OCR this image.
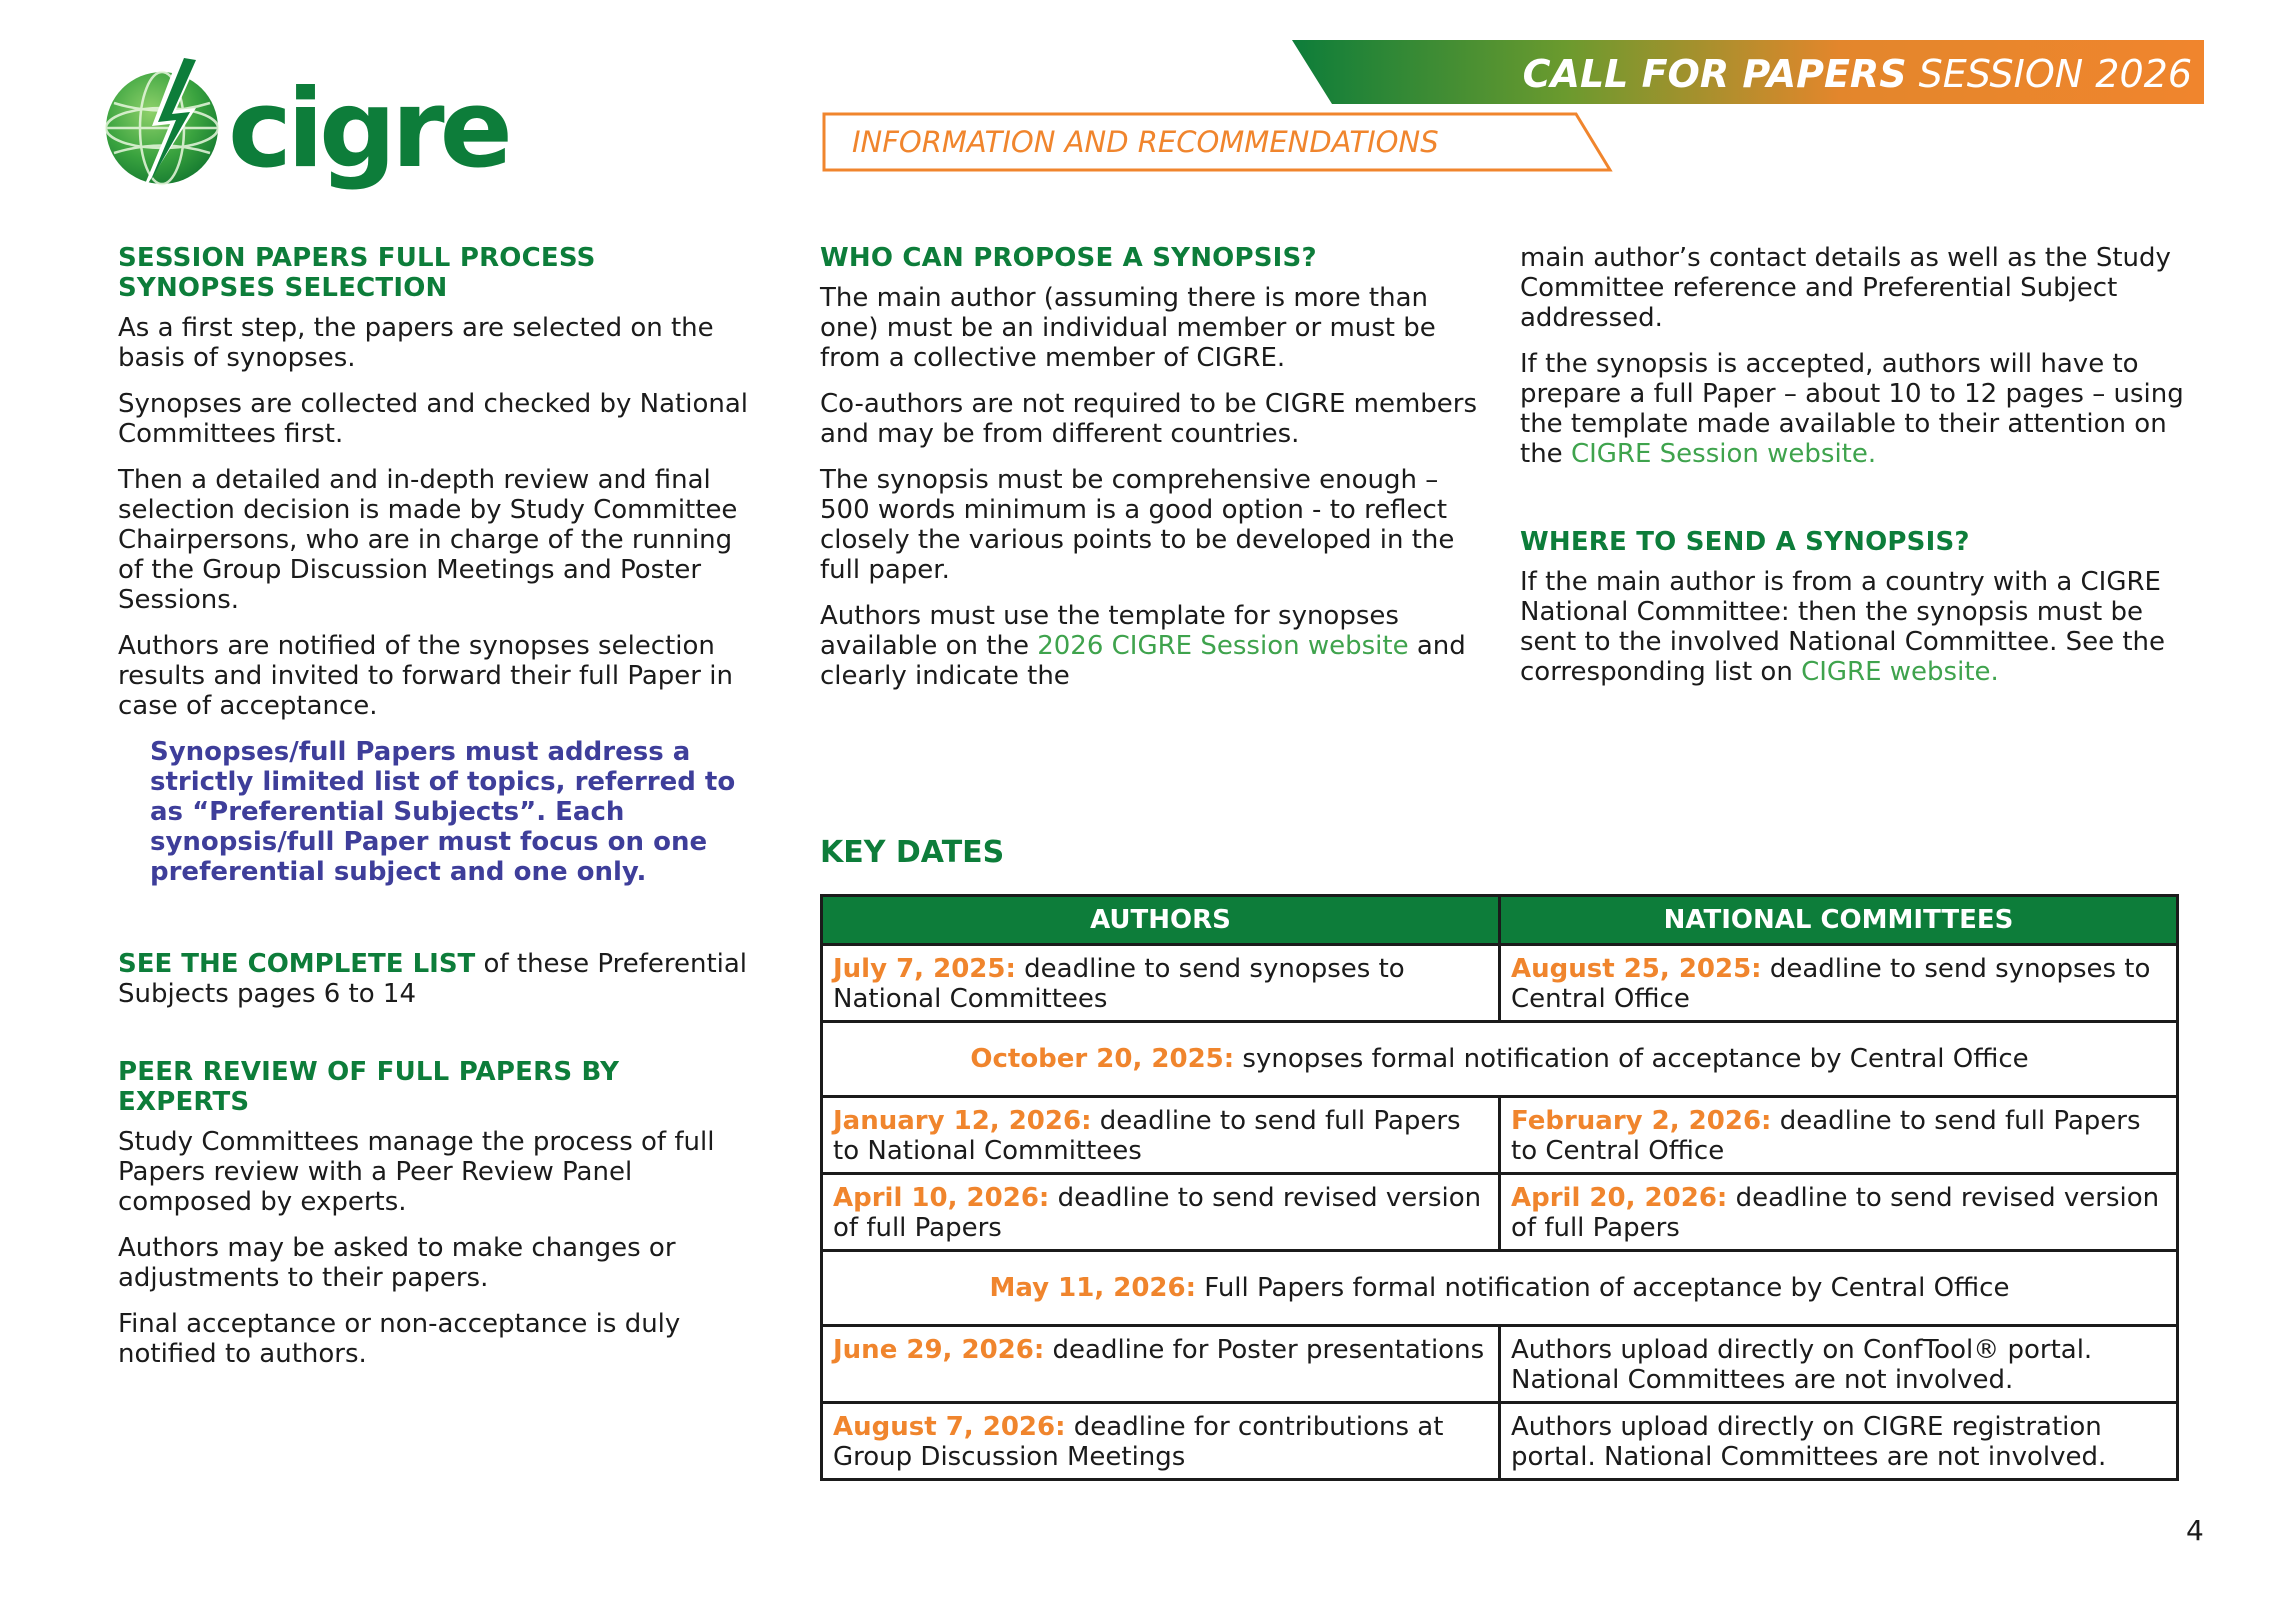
cigre	CALL FOR PAPERS SESSION 2026
INFORMATION AND RECOMMENDATIONS
SESSION PAPERS FULL PROCESS SYNOPSES SELECTION
As a first step, the papers are selected on the basis of synopses.
Synopses are collected and checked by National Committees first.
Then a detailed and in-depth review and final selection decision is made by Study Committee Chairpersons, who are in charge of the running of the Group Discussion Meetings and Poster Sessions.
Authors are notified of the synopses selection results and invited to forward their full Paper in case of acceptance.
Synopses/full Papers must address a strictly limited list of topics, referred to as “Preferential Subjects”. Each synopsis/full Paper must focus on one preferential subject and one only.
SEE THE COMPLETE LIST of these Preferential Subjects pages 6 to 14
PEER REVIEW OF FULL PAPERS BY EXPERTS
Study Committees manage the process of full Papers review with a Peer Review Panel composed by experts.
Authors may be asked to make changes or adjustments to their papers.
Final acceptance or non-acceptance is duly notified to authors.
WHO CAN PROPOSE A SYNOPSIS?
The main author (assuming there is more than one) must be an individual member or must be from a collective member of CIGRE.
Co-authors are not required to be CIGRE members and may be from different countries.
The synopsis must be comprehensive enough – 500 words minimum is a good option - to reflect closely the various points to be developed in the full paper.
Authors must use the template for synopses available on the 2026 CIGRE Session website and clearly indicate the
main author’s contact details as well as the Study Committee reference and Preferential Subject addressed.
If the synopsis is accepted, authors will have to prepare a full Paper – about 10 to 12 pages – using the template made available to their attention on the CIGRE Session website.
WHERE TO SEND A SYNOPSIS?
If the main author is from a country with a CIGRE National Committee: then the synopsis must be sent to the involved National Committee. See the corresponding list on CIGRE website.
KEY DATES
AUTHORS	NATIONAL COMMITTEES
July 7, 2025: deadline to send synopses to National Committees	August 25, 2025: deadline to send synopses to Central Office
October 20, 2025: synopses formal notification of acceptance by Central Office	
January 12, 2026: deadline to send full Papers to National Committees	February 2, 2026: deadline to send full Papers to Central Office
April 10, 2026: deadline to send revised version of full Papers	April 20, 2026: deadline to send revised version of full Papers
May 11, 2026: Full Papers formal notification of acceptance by Central Office	
June 29, 2026: deadline for Poster presentations	Authors upload directly on ConfTool® portal. National Committees are not involved.
August 7, 2026: deadline for contributions at Group Discussion Meetings	Authors upload directly on CIGRE registration portal. National Committees are not involved.
4
